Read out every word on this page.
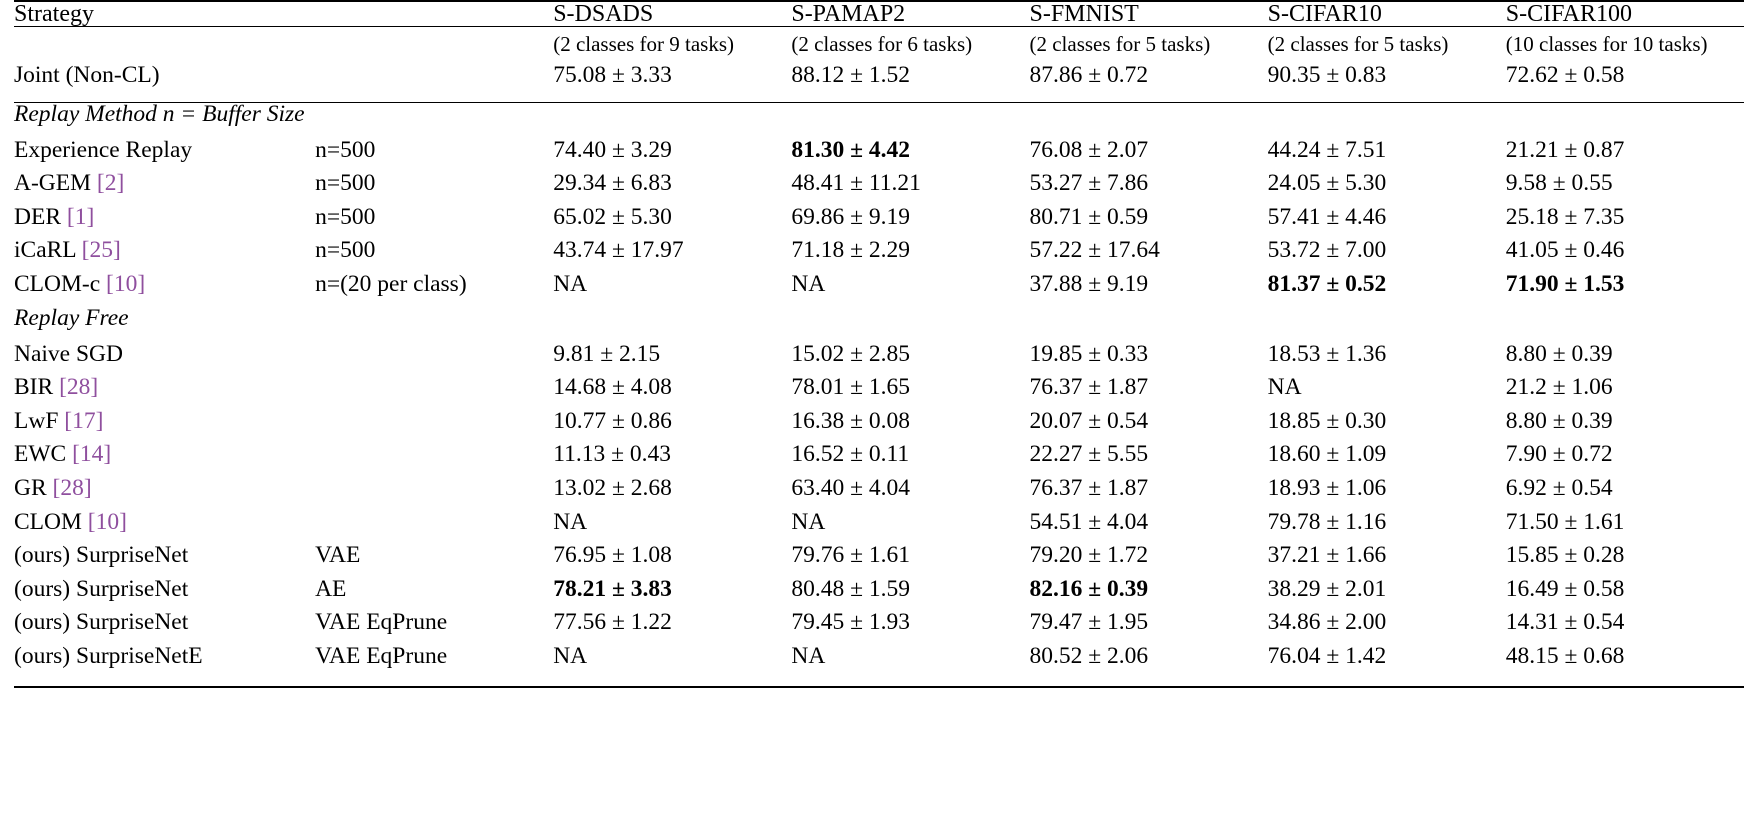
Strategy		S-DSADS	S-PAMAP2	S-FMNIST	S-CIFAR10	S-CIFAR100

		(2 classes for 9 tasks)	(2 classes for 6 tasks)	(2 classes for 5 tasks)	(2 classes for 5 tasks)	(10 classes for 10 tasks)
Joint (Non-CL)		75.08 ± 3.33	88.12 ± 1.52	87.86 ± 0.72	90.35 ± 0.83	72.62 ± 0.58

Replay Method n = Buffer Size						
Experience Replay	n=500	74.40 ± 3.29	81.30 ± 4.42	76.08 ± 2.07	44.24 ± 7.51	21.21 ± 0.87
A-GEM [2]	n=500	29.34 ± 6.83	48.41 ± 11.21	53.27 ± 7.86	24.05 ± 5.30	9.58 ± 0.55
DER [1]	n=500	65.02 ± 5.30	69.86 ± 9.19	80.71 ± 0.59	57.41 ± 4.46	25.18 ± 7.35
iCaRL [25]	n=500	43.74 ± 17.97	71.18 ± 2.29	57.22 ± 17.64	53.72 ± 7.00	41.05 ± 0.46
CLOM-c [10]	n=(20 per class)	NA	NA	37.88 ± 9.19	81.37 ± 0.52	71.90 ± 1.53
Replay Free						
Naive SGD		9.81 ± 2.15	15.02 ± 2.85	19.85 ± 0.33	18.53 ± 1.36	8.80 ± 0.39
BIR [28]		14.68 ± 4.08	78.01 ± 1.65	76.37 ± 1.87	NA	21.2 ± 1.06
LwF [17]		10.77 ± 0.86	16.38 ± 0.08	20.07 ± 0.54	18.85 ± 0.30	8.80 ± 0.39
EWC [14]		11.13 ± 0.43	16.52 ± 0.11	22.27 ± 5.55	18.60 ± 1.09	7.90 ± 0.72
GR [28]		13.02 ± 2.68	63.40 ± 4.04	76.37 ± 1.87	18.93 ± 1.06	6.92 ± 0.54
CLOM [10]		NA	NA	54.51 ± 4.04	79.78 ± 1.16	71.50 ± 1.61
(ours) SurpriseNet	VAE	76.95 ± 1.08	79.76 ± 1.61	79.20 ± 1.72	37.21 ± 1.66	15.85 ± 0.28
(ours) SurpriseNet	AE	78.21 ± 3.83	80.48 ± 1.59	82.16 ± 0.39	38.29 ± 2.01	16.49 ± 0.58
(ours) SurpriseNet	VAE EqPrune	77.56 ± 1.22	79.45 ± 1.93	79.47 ± 1.95	34.86 ± 2.00	14.31 ± 0.54
(ours) SurpriseNetE	VAE EqPrune	NA	NA	80.52 ± 2.06	76.04 ± 1.42	48.15 ± 0.68
